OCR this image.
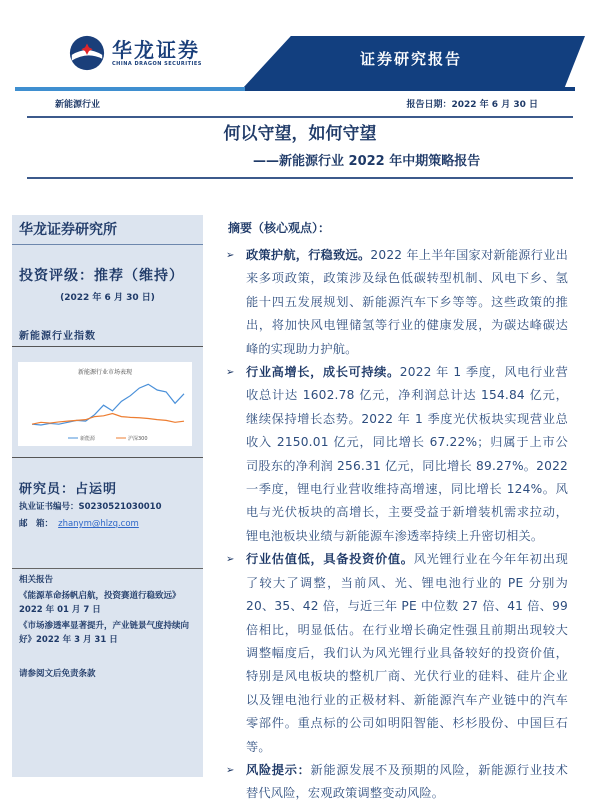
华龙证券
CHINA DRAGON SECURITIES	证券研究报告
新能源行业	报告日期：2022 年 6 月 30 日
何以守望，如何守望
——新能源行业 2022 年中期策略报告
华龙证券研究所
投资评级：推荐（维持）
(2022 年 6 月 30 日)
新能源行业指数
新能源行业市场表现
新能源	沪深300
研究员：占运明
执业证书编号：S0230521030010
邮　箱： zhanym@hlzq.com
相关报告
《能源革命扬帆启航，投资赛道行稳致远》2022 年 01 月 7 日
《市场渗透率显著提升，产业链景气度持续向好》2022 年 3 月 31 日
请参阅文后免责条款
摘要（核心观点）：
➢ 政策护航，行稳致远。2022 年上半年国家对新能源行业出来多项政策，政策涉及绿色低碳转型机制、风电下乡、氢能十四五发展规划、新能源汽车下乡等等。这些政策的推出，将加快风电锂储氢等行业的健康发展，为碳达峰碳达峰的实现助力护航。
➢ 行业高增长，成长可持续。2022 年 1 季度，风电行业营收总计达 1602.78 亿元，净利润总计达 154.84 亿元，继续保持增长态势。2022 年 1 季度光伏板块实现营业总收入 2150.01 亿元，同比增长 67.22%；归属于上市公司股东的净利润 256.31 亿元，同比增长 89.27%。2022 一季度，锂电行业营收维持高增速，同比增长 124%。风电与光伏板块的高增长，主要受益于新增装机需求拉动，锂电池板块业绩与新能源车渗透率持续上升密切相关。
➢ 行业估值低，具备投资价值。风光锂行业在今年年初出现了较大了调整，当前风、光、锂电池行业的 PE 分别为 20、35、42 倍，与近三年 PE 中位数 27 倍、41 倍、99 倍相比，明显低估。在行业增长确定性强且前期出现较大调整幅度后，我们认为风光锂行业具备较好的投资价值，特别是风电板块的整机厂商、光伏行业的硅料、硅片企业以及锂电池行业的正极材料、新能源汽车产业链中的汽车零部件。重点标的公司如明阳智能、杉杉股份、中国巨石等。
➢ 风险提示：新能源发展不及预期的风险，新能源行业技术替代风险，宏观政策调整变动风险。
